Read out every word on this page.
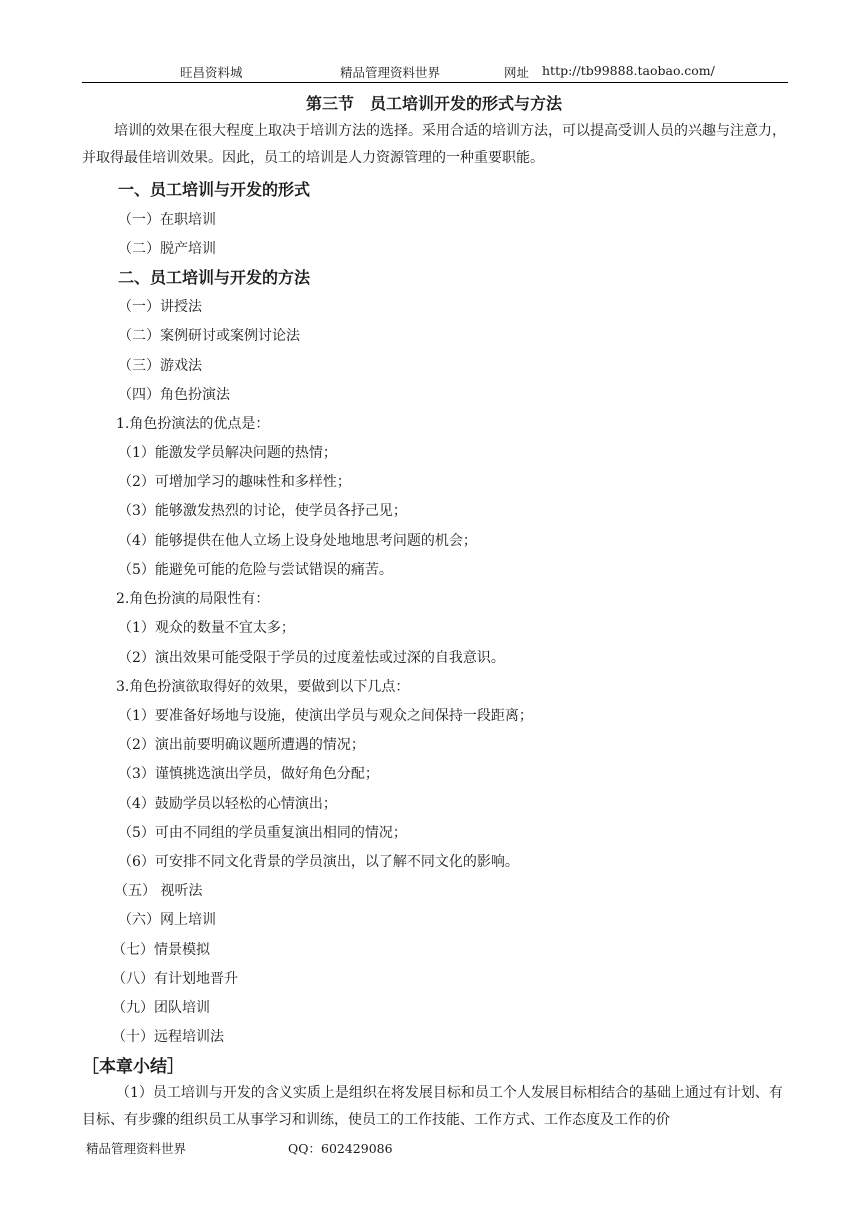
旺昌资料城	精品管理资料世界	网址 http://tb99888.taobao.com/
第三节　员工培训开发的形式与方法
培训的效果在很大程度上取决于培训方法的选择。采用合适的培训方法，可以提高受训人员的兴趣与注意力，并取得最佳培训效果。因此，员工的培训是人力资源管理的一种重要职能。
一、员工培训与开发的形式
（一）在职培训
（二）脱产培训
二、员工培训与开发的方法
（一）讲授法
（二）案例研讨或案例讨论法
（三）游戏法
（四）角色扮演法
1.角色扮演法的优点是：
（1）能激发学员解决问题的热情；
（2）可增加学习的趣味性和多样性；
（3）能够激发热烈的讨论，使学员各抒己见；
（4）能够提供在他人立场上设身处地地思考问题的机会；
（5）能避免可能的危险与尝试错误的痛苦。
2.角色扮演的局限性有：
（1）观众的数量不宜太多；
（2）演出效果可能受限于学员的过度羞怯或过深的自我意识。
3.角色扮演欲取得好的效果，要做到以下几点：
（1）要准备好场地与设施，使演出学员与观众之间保持一段距离；
（2）演出前要明确议题所遭遇的情况；
（3）谨慎挑选演出学员，做好角色分配；
（4）鼓励学员以轻松的心情演出；
（5）可由不同组的学员重复演出相同的情况；
（6）可安排不同文化背景的学员演出，以了解不同文化的影响。
（五） 视听法
（六）网上培训
（七）情景模拟
（八）有计划地晋升
（九）团队培训
（十）远程培训法
［本章小结］
（1）员工培训与开发的含义实质上是组织在将发展目标和员工个人发展目标相结合的基础上通过有计划、有目标、有步骤的组织员工从事学习和训练，使员工的工作技能、工作方式、工作态度及工作的价
精品管理资料世界	QQ：602429086
